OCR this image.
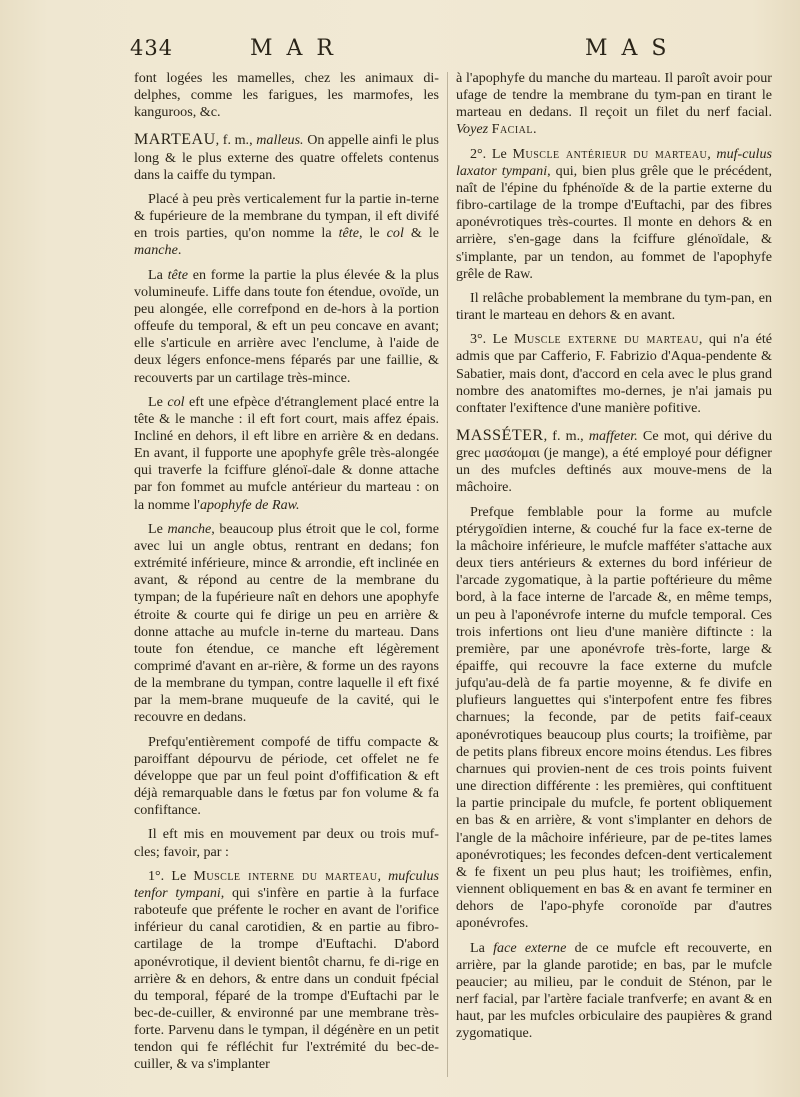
434	MAR	MAS

font logées les mamelles, chez les animaux di-delphes, comme les farigues, les marmofes, les kanguroos, &c.

MARTEAU, f. m., malleus. On appelle ainfi le plus long & le plus externe des quatre offelets contenus dans la caiffe du tympan.

Placé à peu près verticalement fur la partie in-terne & fupérieure de la membrane du tympan, il eft divifé en trois parties, qu'on nomme la tête, le col & le manche.

La tête en forme la partie la plus élevée & la plus volumineufe. Liffe dans toute fon étendue, ovoïde, un peu alongée, elle correfpond en de-hors à la portion offeufe du temporal, & eft un peu concave en avant; elle s'articule en arrière avec l'enclume, à l'aide de deux légers enfonce-mens féparés par une faillie, & recouverts par un cartilage très-mince.

Le col eft une efpèce d'étranglement placé entre la tête & le manche : il eft fort court, mais affez épais. Incliné en dehors, il eft libre en arrière & en dedans. En avant, il fupporte une apophyfe grêle très-alongée qui traverfe la fciffure glénoï-dale & donne attache par fon fommet au mufcle antérieur du marteau : on la nomme l'apophyfe de Raw.

Le manche, beaucoup plus étroit que le col, forme avec lui un angle obtus, rentrant en dedans; fon extrémité inférieure, mince & arrondie, eft inclinée en avant, & répond au centre de la membrane du tympan; de la fupérieure naît en dehors une apophyfe étroite & courte qui fe dirige un peu en arrière & donne attache au mufcle in-terne du marteau. Dans toute fon étendue, ce manche eft légèrement comprimé d'avant en ar-rière, & forme un des rayons de la membrane du tympan, contre laquelle il eft fixé par la mem-brane muqueufe de la cavité, qui le recouvre en dedans.

Prefqu'entièrement compofé de tiffu compacte & paroiffant dépourvu de période, cet offelet ne fe développe que par un feul point d'offification & eft déjà remarquable dans le fœtus par fon volume & fa confiftance.

Il eft mis en mouvement par deux ou trois muf-cles; favoir, par :

1°. Le Muscle interne du marteau, mufculus tenfor tympani, qui s'infère en partie à la furface raboteufe que préfente le rocher en avant de l'orifice inférieur du canal carotidien, & en partie au fibro-cartilage de la trompe d'Euftachi. D'abord aponévrotique, il devient bientôt charnu, fe di-rige en arrière & en dehors, & entre dans un conduit fpécial du temporal, féparé de la trompe d'Euftachi par le bec-de-cuiller, & environné par une membrane très-forte. Parvenu dans le tympan, il dégénère en un petit tendon qui fe réfléchit fur l'extrémité du bec-de-cuiller, & va s'implanter

à l'apophyfe du manche du marteau. Il paroît avoir pour ufage de tendre la membrane du tym-pan en tirant le marteau en dedans. Il reçoit un filet du nerf facial. Voyez Facial.

2°. Le Muscle antérieur du marteau, muf-culus laxator tympani, qui, bien plus grêle que le précédent, naît de l'épine du fphénoïde & de la partie externe du fibro-cartilage de la trompe d'Euftachi, par des fibres aponévrotiques très-courtes. Il monte en dehors & en arrière, s'en-gage dans la fciffure glénoïdale, & s'implante, par un tendon, au fommet de l'apophyfe grêle de Raw.

Il relâche probablement la membrane du tym-pan, en tirant le marteau en dehors & en avant.

3°. Le Muscle externe du marteau, qui n'a été admis que par Cafferio, F. Fabrizio d'Aqua-pendente & Sabatier, mais dont, d'accord en cela avec le plus grand nombre des anatomiftes mo-dernes, je n'ai jamais pu conftater l'exiftence d'une manière pofitive.

MASSÉTER, f. m., maffeter. Ce mot, qui dérive du grec μασάομαι (je mange), a été employé pour défigner un des mufcles deftinés aux mouve-mens de la mâchoire.

Prefque femblable pour la forme au mufcle ptérygoïdien interne, & couché fur la face ex-terne de la mâchoire inférieure, le mufcle mafféter s'attache aux deux tiers antérieurs & externes du bord inférieur de l'arcade zygomatique, à la partie poftérieure du même bord, à la face interne de l'arcade &, en même temps, un peu à l'aponévrofe interne du mufcle temporal. Ces trois infertions ont lieu d'une manière diftincte : la première, par une aponévrofe très-forte, large & épaiffe, qui recouvre la face externe du mufcle jufqu'au-delà de fa partie moyenne, & fe divife en plufieurs languettes qui s'interpofent entre fes fibres charnues; la feconde, par de petits faif-ceaux aponévrotiques beaucoup plus courts; la troifième, par de petits plans fibreux encore moins étendus. Les fibres charnues qui provien-nent de ces trois points fuivent une direction différente : les premières, qui conftituent la partie principale du mufcle, fe portent obliquement en bas & en arrière, & vont s'implanter en dehors de l'angle de la mâchoire inférieure, par de pe-tites lames aponévrotiques; les fecondes defcen-dent verticalement & fe fixent un peu plus haut; les troifièmes, enfin, viennent obliquement en bas & en avant fe terminer en dehors de l'apo-phyfe coronoïde par d'autres aponévrofes.

La face externe de ce mufcle eft recouverte, en arrière, par la glande parotide; en bas, par le mufcle peaucier; au milieu, par le conduit de Sténon, par le nerf facial, par l'artère faciale tranfverfe; en avant & en haut, par les mufcles orbiculaire des paupières & grand zygomatique.
